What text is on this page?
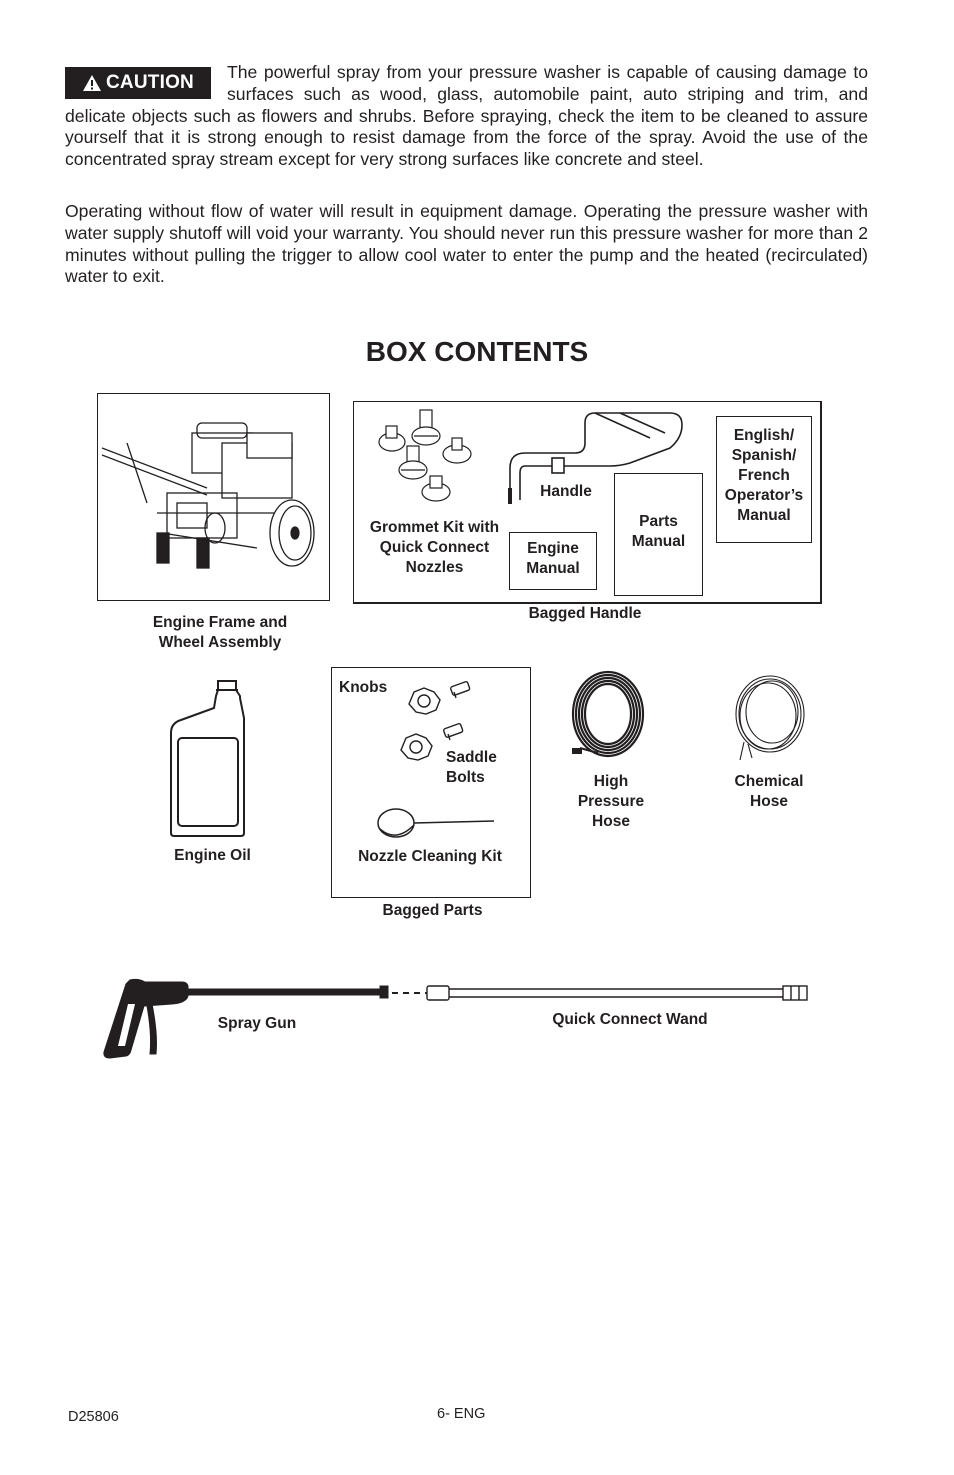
CAUTION
The powerful spray from your pressure washer is capable of causing damage to surfaces such as wood, glass, automobile paint, auto striping and trim, and delicate objects such as flowers and shrubs. Before spraying, check the item to be cleaned to assure yourself that it is strong enough to resist damage from the force of the spray. Avoid the use of the concentrated spray stream except for very strong surfaces like concrete and steel.

Operating without flow of water will result in equipment damage. Operating the pressure washer with water supply shutoff will void your warranty. You should never run this pressure washer for more than 2 minutes without pulling the trigger to allow cool water to enter the pump and the heated (recirculated) water to exit.

BOX CONTENTS
Engine Frame and Wheel Assembly
Grommet Kit with Quick Connect Nozzles
Handle
Engine Manual
Parts Manual
English/ Spanish/ French Operator’s Manual
Bagged Handle
Engine Oil
Knobs
Saddle Bolts
Nozzle Cleaning Kit
Bagged Parts
High Pressure Hose
Chemical Hose
Spray Gun	Quick Connect Wand
D25806	6- ENG
